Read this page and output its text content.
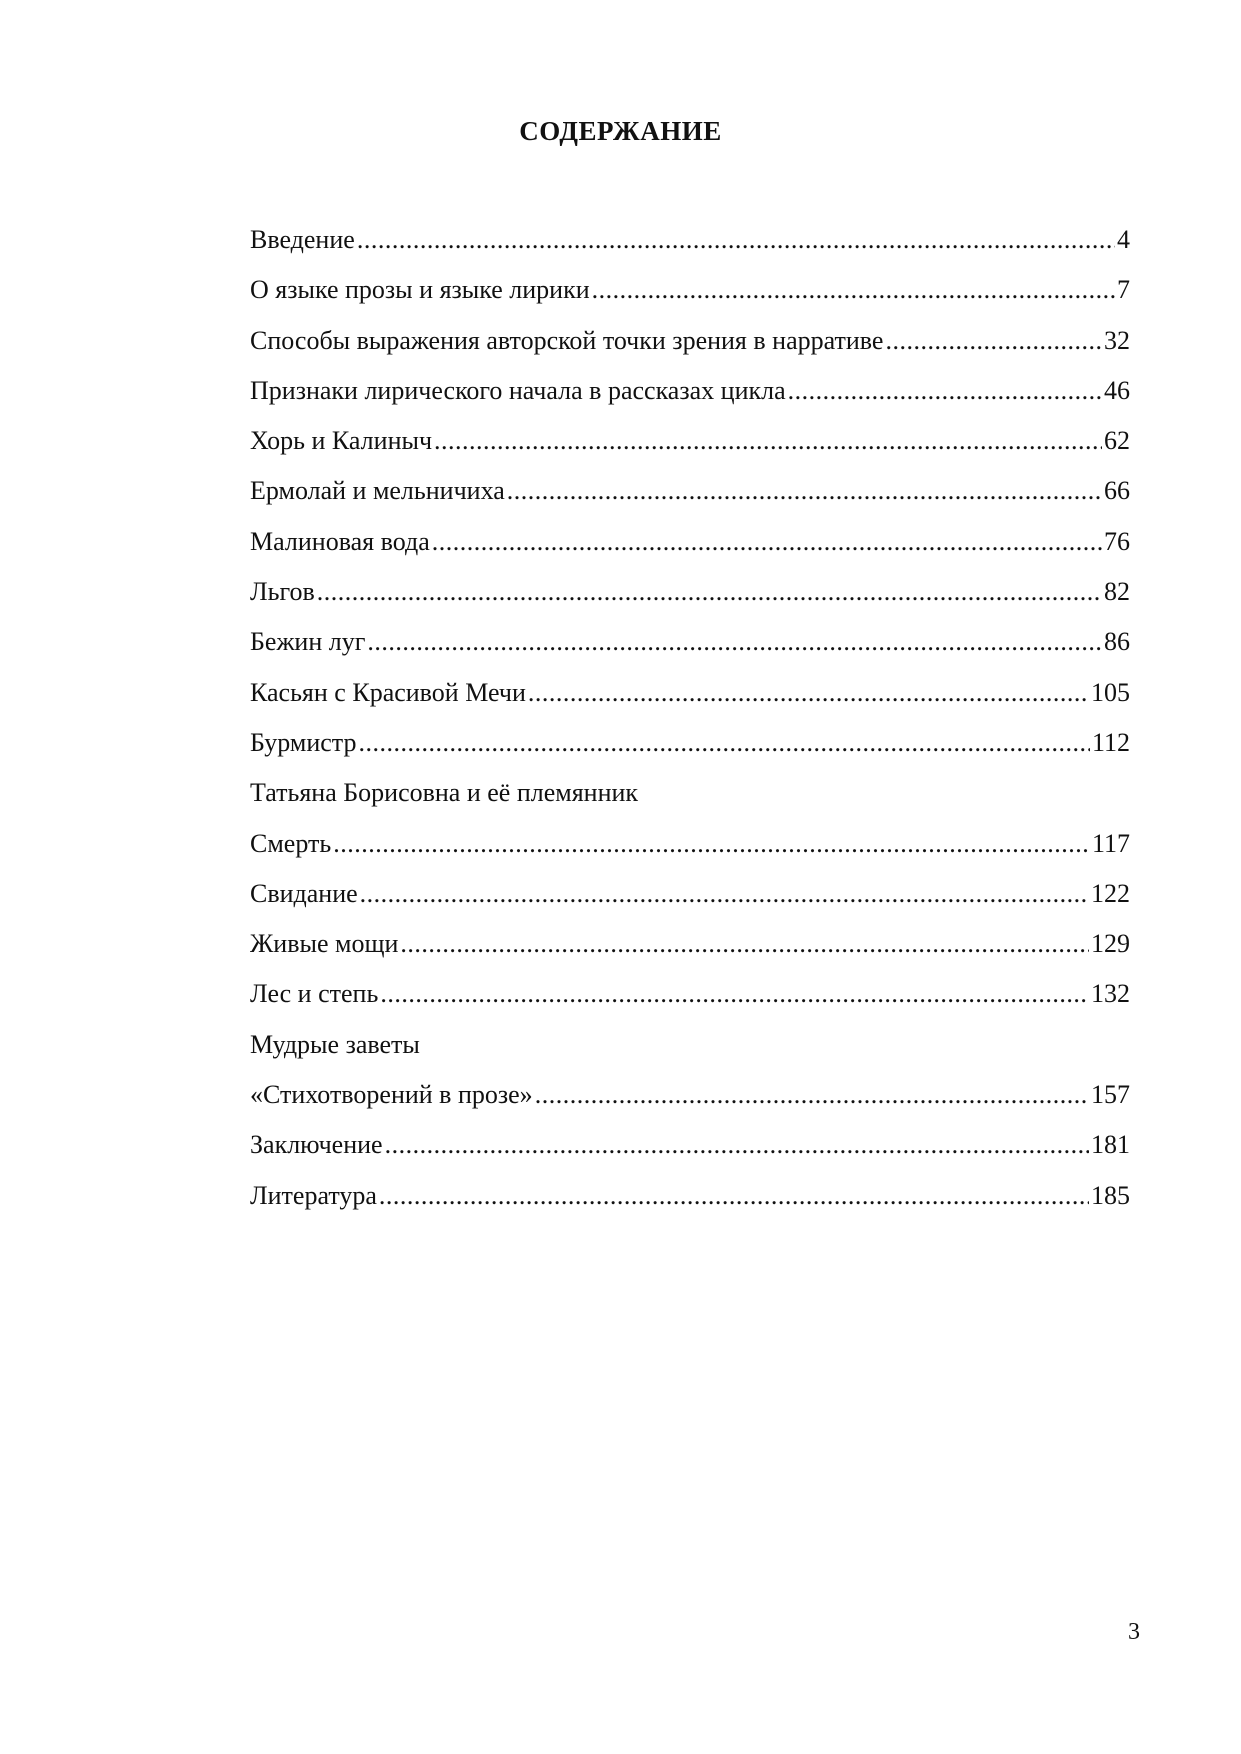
СОДЕРЖАНИЕ
Введение .....	4
О языке прозы и языке лирики .....	7
Способы выражения авторской точки зрения в нарративе .....	32
Признаки лирического начала в рассказах цикла .....	46
Хорь и Калиныч .....	62
Ермолай и мельничиха .....	66
Малиновая вода .....	76
Льгов .....	82
Бежин луг .....	86
Касьян с Красивой Мечи .....	105
Бурмистр .....	112
Татьяна Борисовна и её племянник
Смерть .....	117
Свидание .....	122
Живые мощи .....	129
Лес и степь .....	132
Мудрые заветы
«Стихотворений в прозе» .....	157
Заключение .....	181
Литература .....	185
3
